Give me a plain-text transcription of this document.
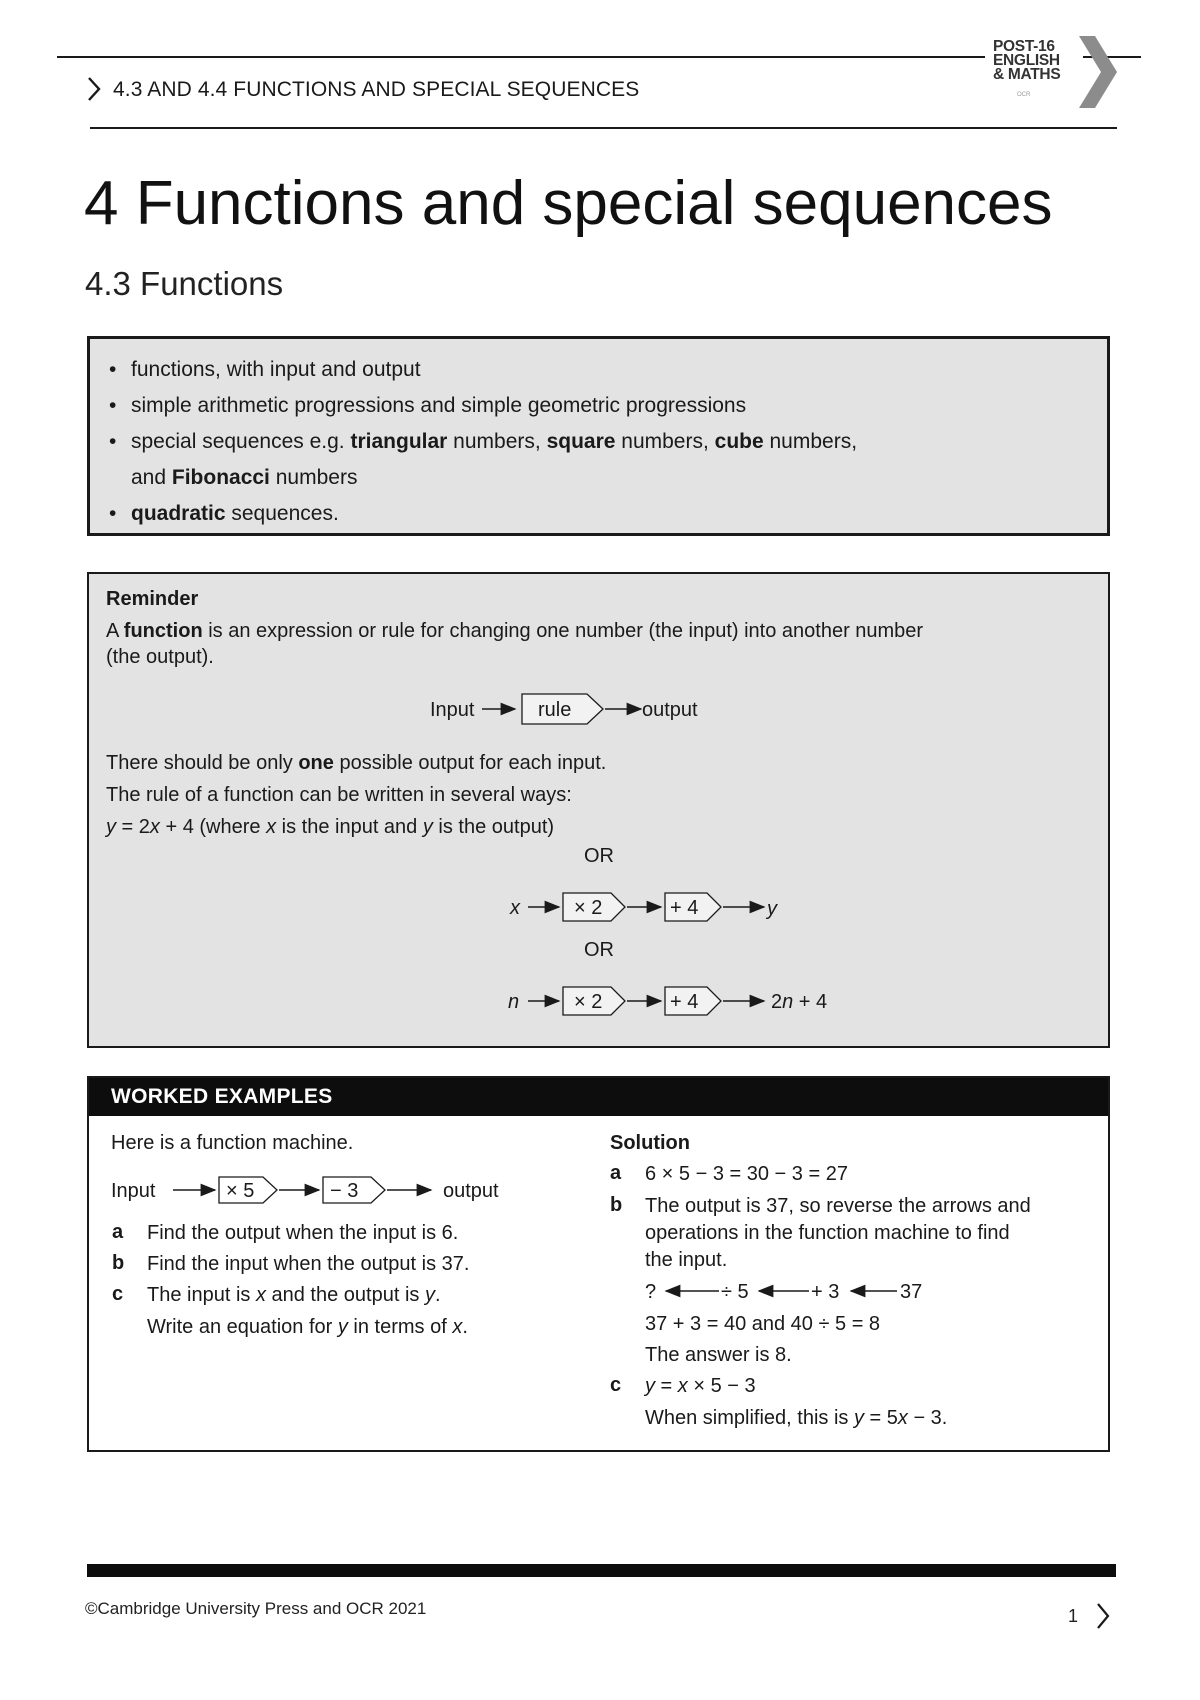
4.3 AND 4.4 FUNCTIONS AND SPECIAL SEQUENCES
POST-16
ENGLISH
& MATHS
OCR
4 Functions and special sequences
4.3 Functions
• functions, with input and output
• simple arithmetic progressions and simple geometric progressions
• special sequences e.g. triangular numbers, square numbers, cube numbers,
and Fibonacci numbers
• quadratic sequences.
Reminder
A function is an expression or rule for changing one number (the input) into another number (the output).
Input	rule	output
There should be only one possible output for each input.
The rule of a function can be written in several ways:
y = 2x + 4 (where x is the input and y is the output)
OR
x	× 2	+ 4	y
OR
n	× 2	+ 4	2n + 4
WORKED EXAMPLES
Here is a function machine.
Input	× 5	− 3	output
a Find the output when the input is 6.
b Find the input when the output is 37.
c The input is x and the output is y.
Write an equation for y in terms of x.
Solution
a 6 × 5 − 3 = 30 − 3 = 27
b The output is 37, so reverse the arrows and
operations in the function machine to find
the input.
?	÷ 5	+ 3	37
37 + 3 = 40 and 40 ÷ 5 = 8
The answer is 8.
c y = x × 5 − 3
When simplified, this is y = 5x − 3.
©Cambridge University Press and OCR 2021	1
